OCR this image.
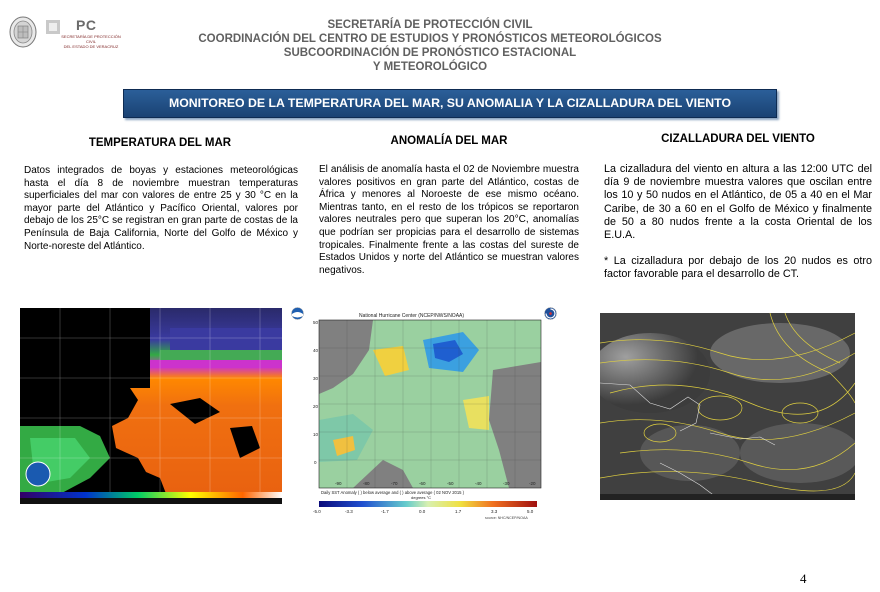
PC
SECRETARÍA DE PROTECCIÓN CIVIL
DEL ESTADO DE VERACRUZ
SECRETARÍA DE PROTECCIÓN CIVIL
COORDINACIÓN DEL CENTRO DE ESTUDIOS Y PRONÓSTICOS METEOROLÓGICOS
SUBCOORDINACIÓN DE PRONÓSTICO ESTACIONAL
Y METEOROLÓGICO
MONITOREO DE LA TEMPERATURA DEL MAR, SU ANOMALIA Y LA CIZALLADURA DEL VIENTO
TEMPERATURA DEL MAR	ANOMALÍA DEL MAR	CIZALLADURA DEL VIENTO
Datos integrados de boyas y estaciones meteorológicas hasta el día 8 de noviembre muestran temperaturas superficiales del mar con valores de entre 25 y 30 °C en la mayor parte del Atlántico y Pacífico Oriental, valores por debajo de los 25°C se registran en gran parte de costas de la Península de Baja California, Norte del Golfo de México y Norte-noreste del Atlántico.
El análisis de anomalía hasta el 02 de Noviembre muestra valores positivos en gran parte del Atlántico, costas de África y menores al Noroeste de ese mismo océano. Mientras tanto, en el resto de los trópicos se reportaron valores neutrales pero que superan los 20°C, anomalías que podrían ser propicias para el desarrollo de sistemas tropicales. Finalmente frente a las costas del sureste de Estados Unidos y norte del Atlántico se muestran valores negativos.

La cizalladura del viento en altura a las 12:00 UTC del día 9 de noviembre muestra valores que oscilan entre los 10 y 50 nudos en el Atlántico, de 05 a 40 en el Mar Caribe, de 30 a 60 en el Golfo de México y finalmente de 50 a 80 nudos frente a la costa Oriental de los E.U.A.

* La cizalladura por debajo de los 20 nudos es otro factor favorable para el desarrollo de CT.

National Hurricane Center (NCEP/NWS/NOAA)
50
40
30
20
10
0
-90	-80	-70	-60	-50	-40	-30	-20
Daily SST Anomaly ( ) below average and ( ) above average ( 02 NOV 2015 )
degrees °C
-5.0	-3.3	-1.7	0.0	1.7	3.3	5.0
source: NHC/NCEP/NOAA
4
